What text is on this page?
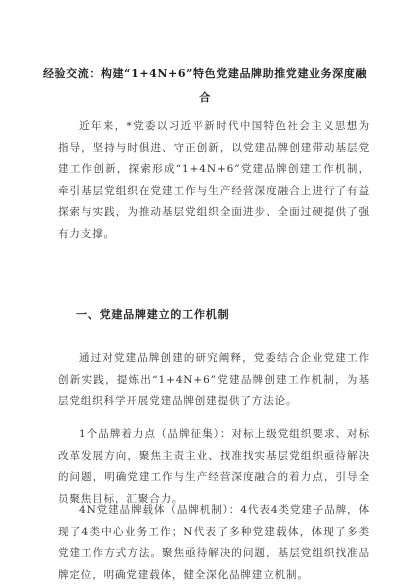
经验交流：构建“1+4N+6”特色党建品牌助推党建业务深度融合

近年来，*党委以习近平新时代中国特色社会主义思想为指导，坚持与时俱进、守正创新，以党建品牌创建带动基层党建工作创新，探索形成“1+4N+6”党建品牌创建工作机制，牵引基层党组织在党建工作与生产经营深度融合上进行了有益探索与实践，为推动基层党组织全面进步、全面过硬提供了强有力支撑。

一、党建品牌建立的工作机制

通过对党建品牌创建的研究阐释，党委结合企业党建工作创新实践，提炼出“1+4N+6”党建品牌创建工作机制，为基层党组织科学开展党建品牌创建提供了方法论。

1个品牌着力点（品牌征集）：对标上级党组织要求、对标改革发展方向，聚焦主责主业、找准找实基层党组织亟待解决的问题，明确党建工作与生产经营深度融合的着力点，引导全员聚焦目标，汇聚合力。

4N党建品牌载体（品牌机制）：4代表4类党建子品牌，体现了4类中心业务工作；N代表了多种党建载体，体现了多类党建工作方式方法。聚焦亟待解决的问题，基层党组织找准品牌定位，明确党建载体，健全深化品牌建立机制。
